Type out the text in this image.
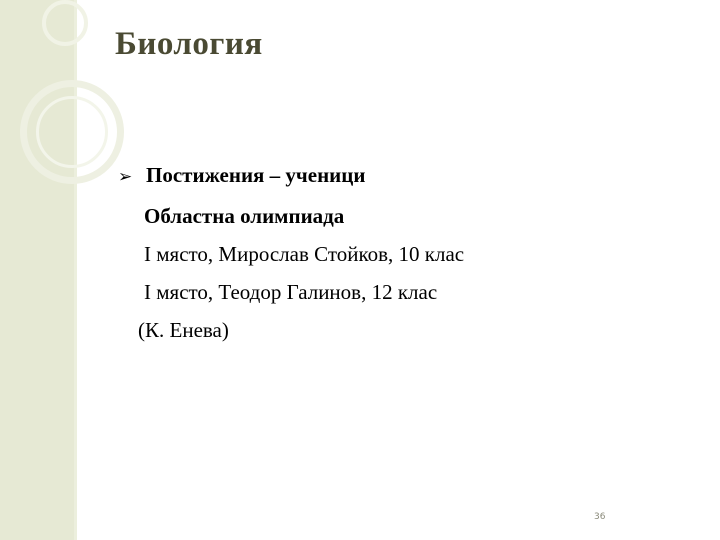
Биология
➢ Постижения – ученици
Областна олимпиада
I място, Мирослав Стойков, 10 клас
I място, Теодор Галинов, 12 клас
(К. Енева)
36
